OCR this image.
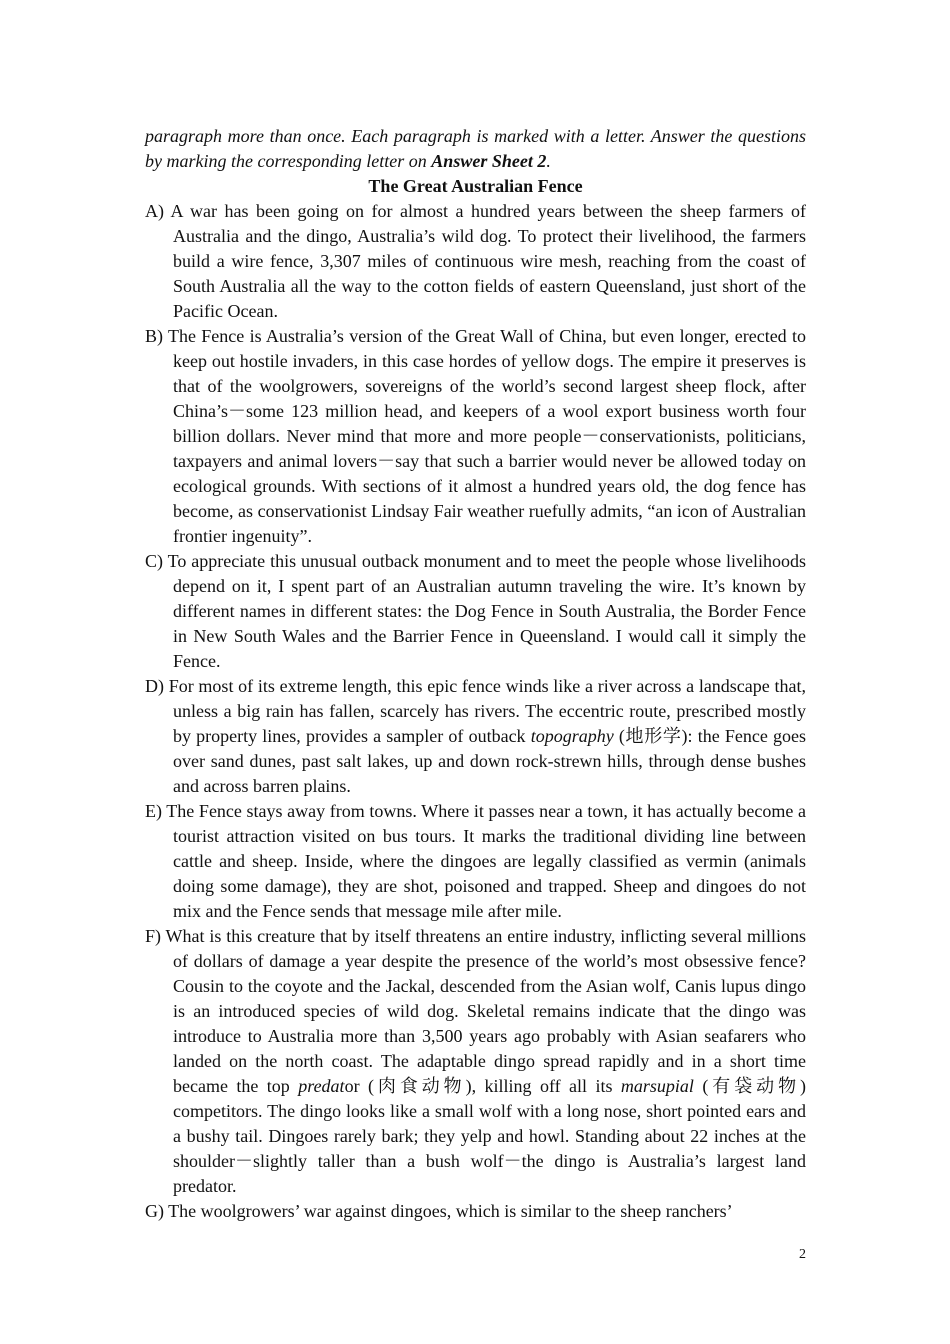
paragraph more than once. Each paragraph is marked with a letter. Answer the questions by marking the corresponding letter on Answer Sheet 2.

The Great Australian Fence

A) A war has been going on for almost a hundred years between the sheep farmers of Australia and the dingo, Australia’s wild dog. To protect their livelihood, the farmers build a wire fence, 3,307 miles of continuous wire mesh, reaching from the coast of South Australia all the way to the cotton fields of eastern Queensland, just short of the Pacific Ocean.

B) The Fence is Australia’s version of the Great Wall of China, but even longer, erected to keep out hostile invaders, in this case hordes of yellow dogs. The empire it preserves is that of the woolgrowers, sovereigns of the world’s second largest sheep flock, after China’s－some 123 million head, and keepers of a wool export business worth four billion dollars. Never mind that more and more people－conservationists, politicians, taxpayers and animal lovers－say that such a barrier would never be allowed today on ecological grounds. With sections of it almost a hundred years old, the dog fence has become, as conservationist Lindsay Fair weather ruefully admits, “an icon of Australian frontier ingenuity”.

C) To appreciate this unusual outback monument and to meet the people whose livelihoods depend on it, I spent part of an Australian autumn traveling the wire. It’s known by different names in different states: the Dog Fence in South Australia, the Border Fence in New South Wales and the Barrier Fence in Queensland. I would call it simply the Fence.

D) For most of its extreme length, this epic fence winds like a river across a landscape that, unless a big rain has fallen, scarcely has rivers. The eccentric route, prescribed mostly by property lines, provides a sampler of outback topography (地形学): the Fence goes over sand dunes, past salt lakes, up and down rock-strewn hills, through dense bushes and across barren plains.

E) The Fence stays away from towns. Where it passes near a town, it has actually become a tourist attraction visited on bus tours. It marks the traditional dividing line between cattle and sheep. Inside, where the dingoes are legally classified as vermin (animals doing some damage), they are shot, poisoned and trapped. Sheep and dingoes do not mix and the Fence sends that message mile after mile.

F) What is this creature that by itself threatens an entire industry, inflicting several millions of dollars of damage a year despite the presence of the world’s most obsessive fence? Cousin to the coyote and the Jackal, descended from the Asian wolf, Canis lupus dingo is an introduced species of wild dog. Skeletal remains indicate that the dingo was introduce to Australia more than 3,500 years ago probably with Asian seafarers who landed on the north coast. The adaptable dingo spread rapidly and in a short time became the top predator (肉食动物), killing off all its marsupial (有袋动物) competitors. The dingo looks like a small wolf with a long nose, short pointed ears and a bushy tail. Dingoes rarely bark; they yelp and howl. Standing about 22 inches at the shoulder－slightly taller than a bush wolf－the dingo is Australia’s largest land predator.

G) The woolgrowers’ war against dingoes, which is similar to the sheep ranchers’

2
